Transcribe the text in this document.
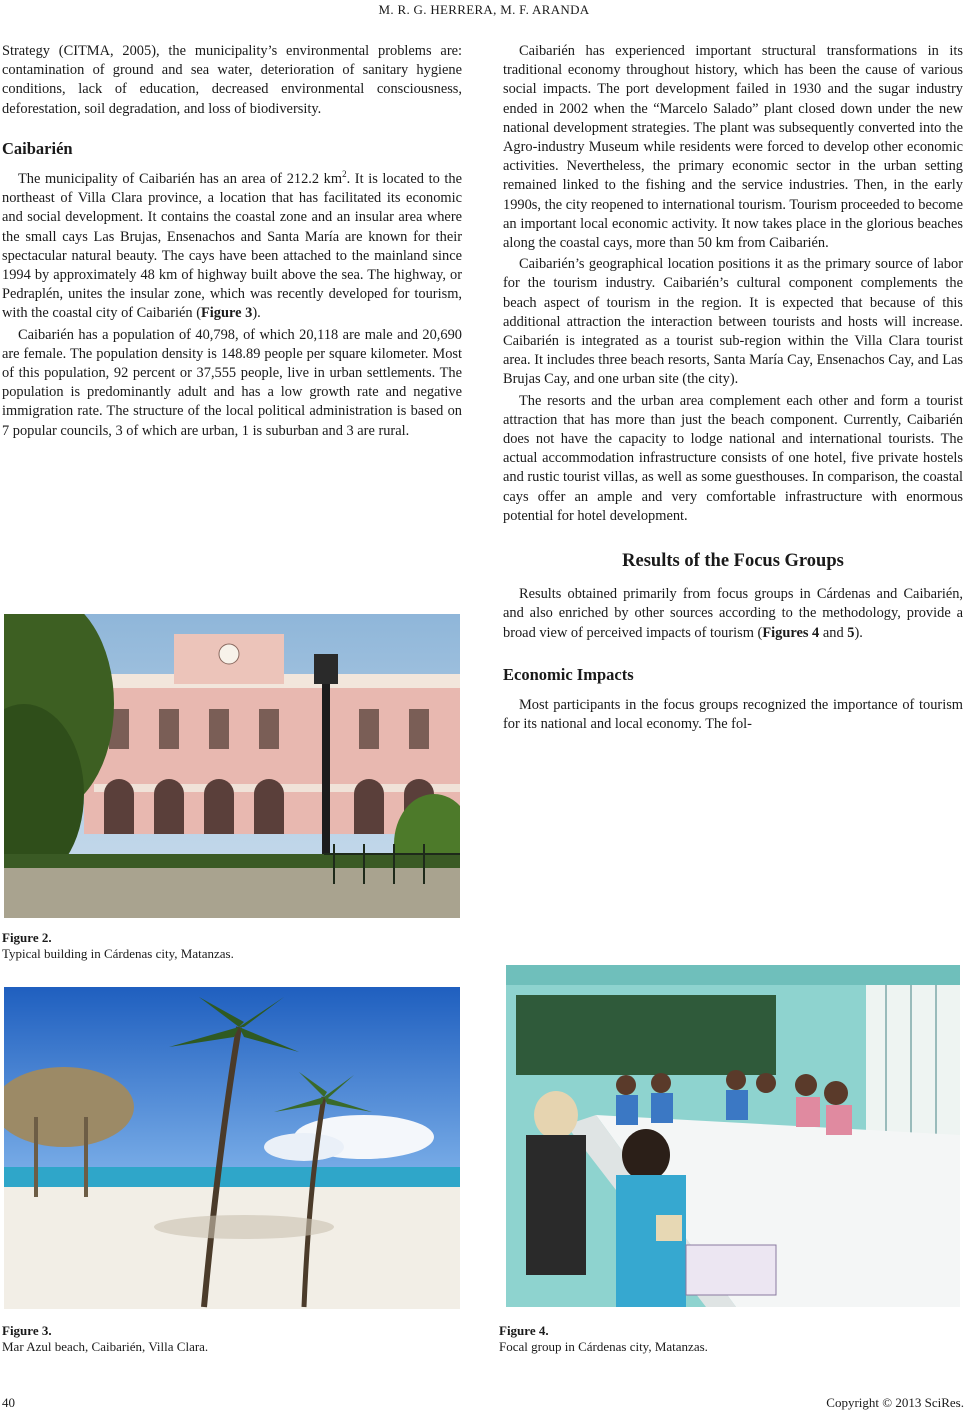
M. R. G. HERRERA, M. F. ARANDA

Strategy (CITMA, 2005), the municipality’s environmental problems are: contamination of ground and sea water, deterioration of sanitary hygiene conditions, lack of education, decreased environmental consciousness, deforestation, soil degradation, and loss of biodiversity.

Caibarién

The municipality of Caibarién has an area of 212.2 $km^2$. It is located to the northeast of Villa Clara province, a location that has facilitated its economic and social development. It contains the coastal zone and an insular area where the small cays Las Brujas, Ensenachos and Santa María are known for their spectacular natural beauty. The cays have been attached to the mainland since 1994 by approximately 48 km of highway built above the sea. The highway, or Pedraplén, unites the insular zone, which was recently developed for tourism, with the coastal city of Caibarién (Figure 3).

Caibarién has a population of 40,798, of which 20,118 are male and 20,690 are female. The population density is 148.89 people per square kilometer. Most of this population, 92 percent or 37,555 people, live in urban settlements. The population is predominantly adult and has a low growth rate and negative immigration rate. The structure of the local political administration is based on 7 popular councils, 3 of which are urban, 1 is suburban and 3 are rural.

Figure 2.
Typical building in Cárdenas city, Matanzas.
Figure 3.
Mar Azul beach, Caibarién, Villa Clara.

Caibarién has experienced important structural transformations in its traditional economy throughout history, which has been the cause of various social impacts. The port development failed in 1930 and the sugar industry ended in 2002 when the “Marcelo Salado” plant closed down under the new national development strategies. The plant was subsequently converted into the Agro-industry Museum while residents were forced to develop other economic activities. Nevertheless, the primary economic sector in the urban setting remained linked to the fishing and the service industries. Then, in the early 1990s, the city reopened to international tourism. Tourism proceeded to become an important local economic activity. It now takes place in the glorious beaches along the coastal cays, more than 50 km from Caibarién.

Caibarién’s geographical location positions it as the primary source of labor for the tourism industry. Caibarién’s cultural component complements the beach aspect of tourism in the region. It is expected that because of this additional attraction the interaction between tourists and hosts will increase. Caibarién is integrated as a tourist sub-region within the Villa Clara tourist area. It includes three beach resorts, Santa María Cay, Ensenachos Cay, and Las Brujas Cay, and one urban site (the city).

The resorts and the urban area complement each other and form a tourist attraction that has more than just the beach component. Currently, Caibarién does not have the capacity to lodge national and international tourists. The actual accommodation infrastructure consists of one hotel, five private hostels and rustic tourist villas, as well as some guesthouses. In comparison, the coastal cays offer an ample and very comfortable infrastructure with enormous potential for hotel development.

Results of the Focus Groups

Results obtained primarily from focus groups in Cárdenas and Caibarién, and also enriched by other sources according to the methodology, provide a broad view of perceived impacts of tourism (Figures 4 and 5).

Economic Impacts

Most participants in the focus groups recognized the importance of tourism for its national and local economy. The fol-

Figure 4.
Focal group in Cárdenas city, Matanzas.
40	Copyright © 2013 SciRes.
